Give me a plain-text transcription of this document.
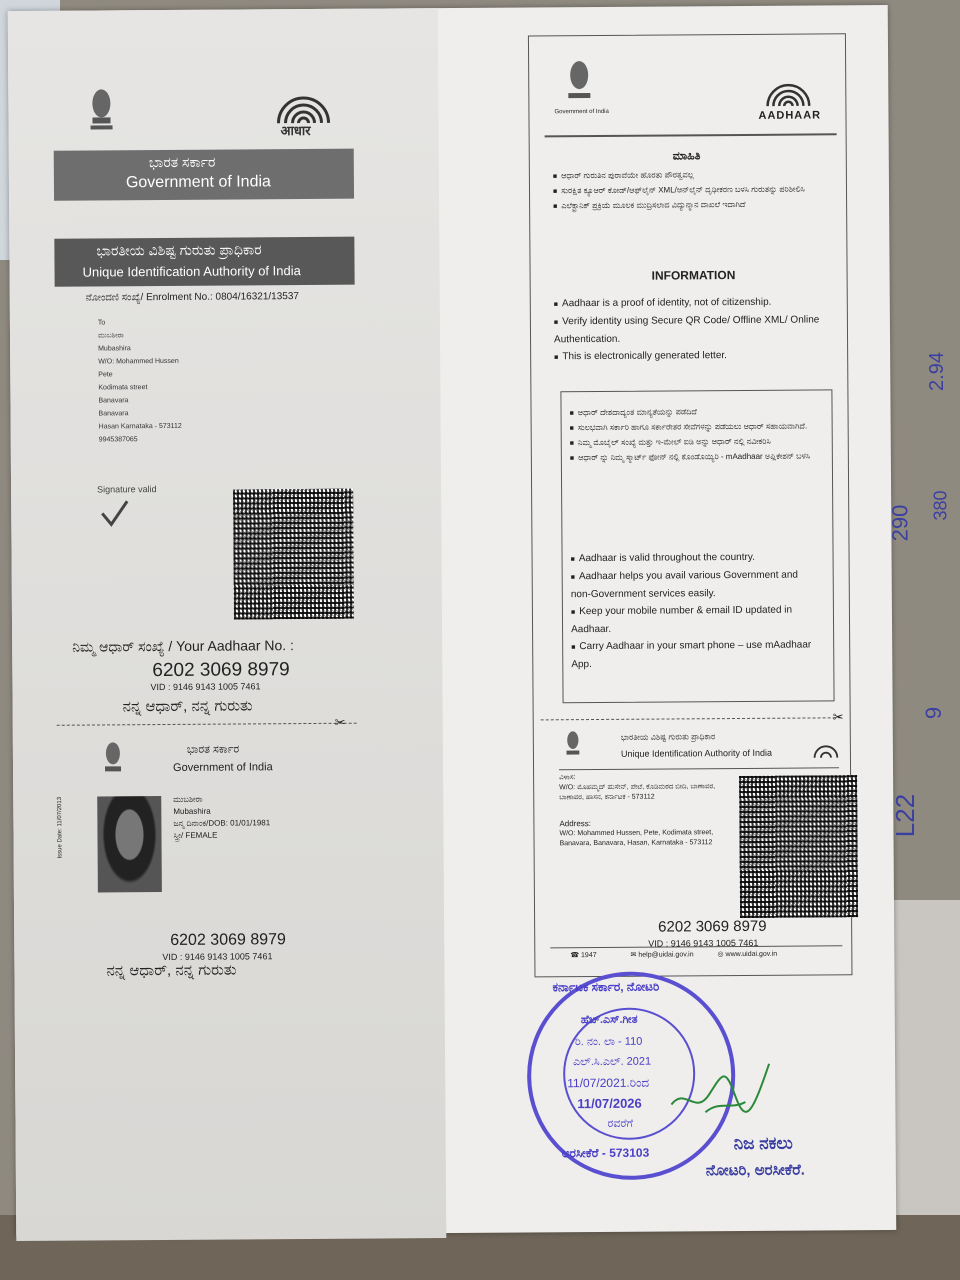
आधार
ಭಾರತ ಸರ್ಕಾರ
Government of India
ಭಾರತೀಯ ವಿಶಿಷ್ಟ ಗುರುತು ಪ್ರಾಧಿಕಾರ
Unique Identification Authority of India
ನೋಂದಣಿ ಸಂಖ್ಯೆ/ Enrolment No.: 0804/16321/13537
To
ಮುಬಶೀರಾ
Mubashira
W/O: Mohammed Hussen
Pete
Kodimata street
Banavara
Banavara
Hasan Karnataka - 573112
9945387065
Signature valid
ನಿಮ್ಮ ಆಧಾರ್ ಸಂಖ್ಯೆ / Your Aadhaar No. :
6202 3069 8979
VID : 9146 9143 1005 7461
ನನ್ನ ಆಧಾರ್, ನನ್ನ ಗುರುತು
✂
ಭಾರತ ಸರ್ಕಾರ
Government of India
Issue Date: 11/07/2013	ಮುಬಶೀರಾ
Mubashira
ಜನ್ಮ ದಿನಾಂಕ/DOB: 01/01/1981
ಸ್ತ್ರೀ/ FEMALE
6202 3069 8979
VID : 9146 9143 1005 7461
ನನ್ನ ಆಧಾರ್, ನನ್ನ ಗುರುತು
Government of India	AADHAAR
ಮಾಹಿತಿ
■ ಆಧಾರ್ ಗುರುತಿನ ಪುರಾವೆಯೇ ಹೊರತು ಪೌರತ್ವವಲ್ಲ
■ ಸುರಕ್ಷಿತ ಕ್ಯೂಆರ್ ಕೋಡ್/ಆಫ್‌ಲೈನ್ XML/ಆನ್‌ಲೈನ್ ದೃಢೀಕರಣ ಬಳಸಿ ಗುರುತನ್ನು ಪರಿಶೀಲಿಸಿ
■ ಎಲೆಕ್ಟ್ರಾನಿಕ್ ಪ್ರಕ್ರಿಯೆ ಮೂಲಕ ಮುದ್ರಿಸಲಾದ ವಿದ್ಯುನ್ಮಾನ ದಾಖಲೆ ಇದಾಗಿದೆ
INFORMATION
■ Aadhaar is a proof of identity, not of citizenship.
■ Verify identity using Secure QR Code/ Offline XML/ Online Authentication.
■ This is electronically generated letter.
■ ಆಧಾರ್ ದೇಶದಾದ್ಯಂತ ಮಾನ್ಯತೆಯನ್ನು ಪಡೆದಿದೆ
■ ಸುಲಭವಾಗಿ ಸರ್ಕಾರಿ ಹಾಗೂ ಸರ್ಕಾರೇತರ ಸೇವೆಗಳನ್ನು ಪಡೆಯಲು ಆಧಾರ್ ಸಹಾಯವಾಗಿದೆ.
■ ನಿಮ್ಮ ಮೊಬೈಲ್ ಸಂಖ್ಯೆ ಮತ್ತು ಇ-ಮೇಲ್ ಐಡಿ ಅನ್ನು ಆಧಾರ್ ನಲ್ಲಿ ನವೀಕರಿಸಿ
■ ಆಧಾರ್ ನ್ನು ನಿಮ್ಮ ಸ್ಮಾರ್ಟ್ ಫೋನ್ ನಲ್ಲಿ ಕೊಂಡೊಯ್ಯಿರಿ - mAadhaar ಅಪ್ಲಿಕೇಶನ್ ಬಳಸಿ
■ Aadhaar is valid throughout the country.
■ Aadhaar helps you avail various Government and non-Government services easily.
■ Keep your mobile number & email ID updated in Aadhaar.
■ Carry Aadhaar in your smart phone – use mAadhaar App.
✂
ಭಾರತೀಯ ವಿಶಿಷ್ಟ ಗುರುತು ಪ್ರಾಧಿಕಾರ
Unique Identification Authority of India
ವಿಳಾಸ:
W/O: ಮೊಹಮ್ಮದ್ ಹುಸೇನ್, ಪೇಟೆ, ಕೊಡಿಮಠದ ಬೀದಿ, ಬಾಣಾವರ, ಬಾಣಾವರ, ಹಾಸನ, ಕರ್ನಾಟಕ - 573112
Address:
W/O: Mohammed Hussen, Pete, Kodimata street, Banavara, Banavara, Hasan, Karnataka - 573112
6202 3069 8979
VID : 9146 9143 1005 7461
☎ 1947	✉ help@uidai.gov.in	◎ www.uidai.gov.in
ಕರ್ನಾಟಕ ಸರ್ಕಾರ, ನೋಟರಿ
ಹೆಚ್.ಎಸ್.ಗೀತ
ರಿ. ನಂ. ಲಾ - 110
ಎಲ್.ಸಿ.ಎಲ್. 2021
11/07/2021.ರಿಂದ
11/07/2026
ರವರೆಗೆ
ಅರಸೀಕೆರೆ - 573103	ನಿಜ ನಕಲು
ನೋಟರಿ, ಅರಸೀಕೆರೆ.
2.94
290 380
9
L22
